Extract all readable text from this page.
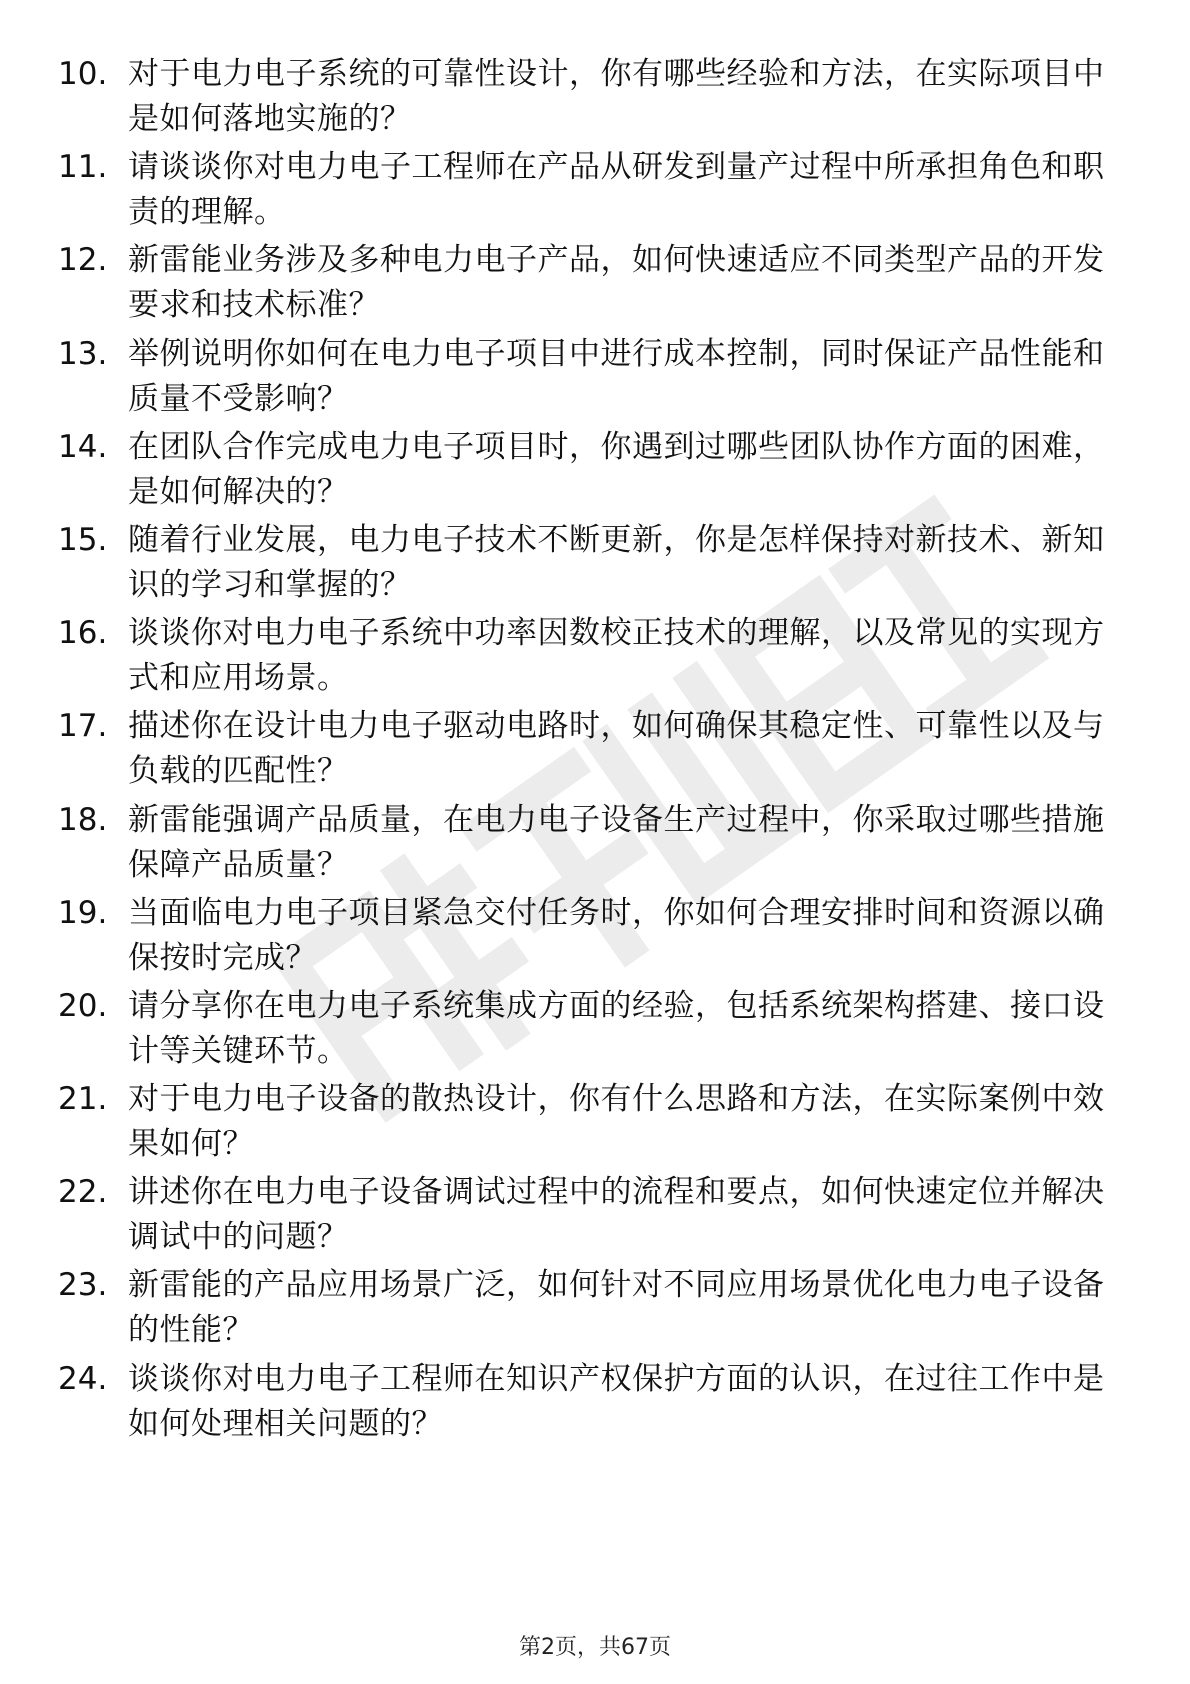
10. 对于电力电子系统的可靠性设计，你有哪些经验和方法，在实际项目中是如何落地实施的？
11. 请谈谈你对电力电子工程师在产品从研发到量产过程中所承担角色和职责的理解。
12. 新雷能业务涉及多种电力电子产品，如何快速适应不同类型产品的开发要求和技术标准？
13. 举例说明你如何在电力电子项目中进行成本控制，同时保证产品性能和质量不受影响？
14. 在团队合作完成电力电子项目时，你遇到过哪些团队协作方面的困难，是如何解决的？
15. 随着行业发展，电力电子技术不断更新，你是怎样保持对新技术、新知识的学习和掌握的？
16. 谈谈你对电力电子系统中功率因数校正技术的理解，以及常见的实现方式和应用场景。
17. 描述你在设计电力电子驱动电路时，如何确保其稳定性、可靠性以及与负载的匹配性？
18. 新雷能强调产品质量，在电力电子设备生产过程中，你采取过哪些措施保障产品质量？
19. 当面临电力电子项目紧急交付任务时，你如何合理安排时间和资源以确保按时完成？
20. 请分享你在电力电子系统集成方面的经验，包括系统架构搭建、接口设计等关键环节。
21. 对于电力电子设备的散热设计，你有什么思路和方法，在实际案例中效果如何？
22. 讲述你在电力电子设备调试过程中的流程和要点，如何快速定位并解决调试中的问题？
23. 新雷能的产品应用场景广泛，如何针对不同应用场景优化电力电子设备的性能？
24. 谈谈你对电力电子工程师在知识产权保护方面的认识，在过往工作中是如何处理相关问题的？
第2页，共67页
